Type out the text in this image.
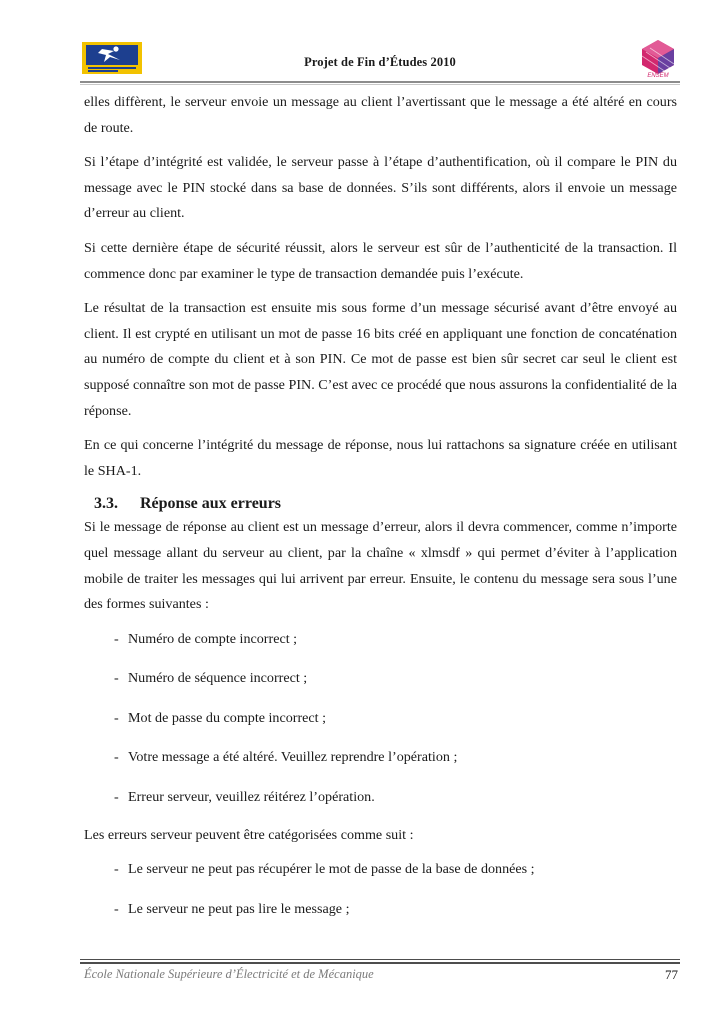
Projet de Fin d’Études 2010
ENSEM

elles diffèrent, le serveur envoie un message au client l’avertissant que le message a été altéré en cours de route.

Si l’étape d’intégrité est validée, le serveur passe à l’étape d’authentification, où il compare le PIN du message avec le PIN stocké dans sa base de données. S’ils sont différents, alors il envoie un message d’erreur au client.

Si cette dernière étape de sécurité réussit, alors le serveur est sûr de l’authenticité de la transaction. Il commence donc par examiner le type de transaction demandée puis l’exécute.

Le résultat de la transaction est ensuite mis sous forme d’un message sécurisé avant d’être envoyé au client. Il est crypté en utilisant un mot de passe 16 bits créé en appliquant une fonction de concaténation au numéro de compte du client et à son PIN. Ce mot de passe est bien sûr secret car seul le client est supposé connaître son mot de passe PIN. C’est avec ce procédé que nous assurons la confidentialité de la réponse.

En ce qui concerne l’intégrité du message de réponse, nous lui rattachons sa signature créée en utilisant le SHA-1.

3.3. Réponse aux erreurs

Si le message de réponse au client est un message d’erreur, alors il devra commencer, comme n’importe quel message allant du serveur au client, par la chaîne « xlmsdf » qui permet d’éviter à l’application mobile de traiter les messages qui lui arrivent par erreur. Ensuite, le contenu du message sera sous l’une des formes suivantes :

- Numéro de compte incorrect ;
- Numéro de séquence incorrect ;
- Mot de passe du compte incorrect ;
- Votre message a été altéré. Veuillez reprendre l’opération ;
- Erreur serveur, veuillez réitérez l’opération.

Les erreurs serveur peuvent être catégorisées comme suit :

- Le serveur ne peut pas récupérer le mot de passe de la base de données ;
- Le serveur ne peut pas lire le message ;
École Nationale Supérieure d’Électricité et de Mécanique	77
